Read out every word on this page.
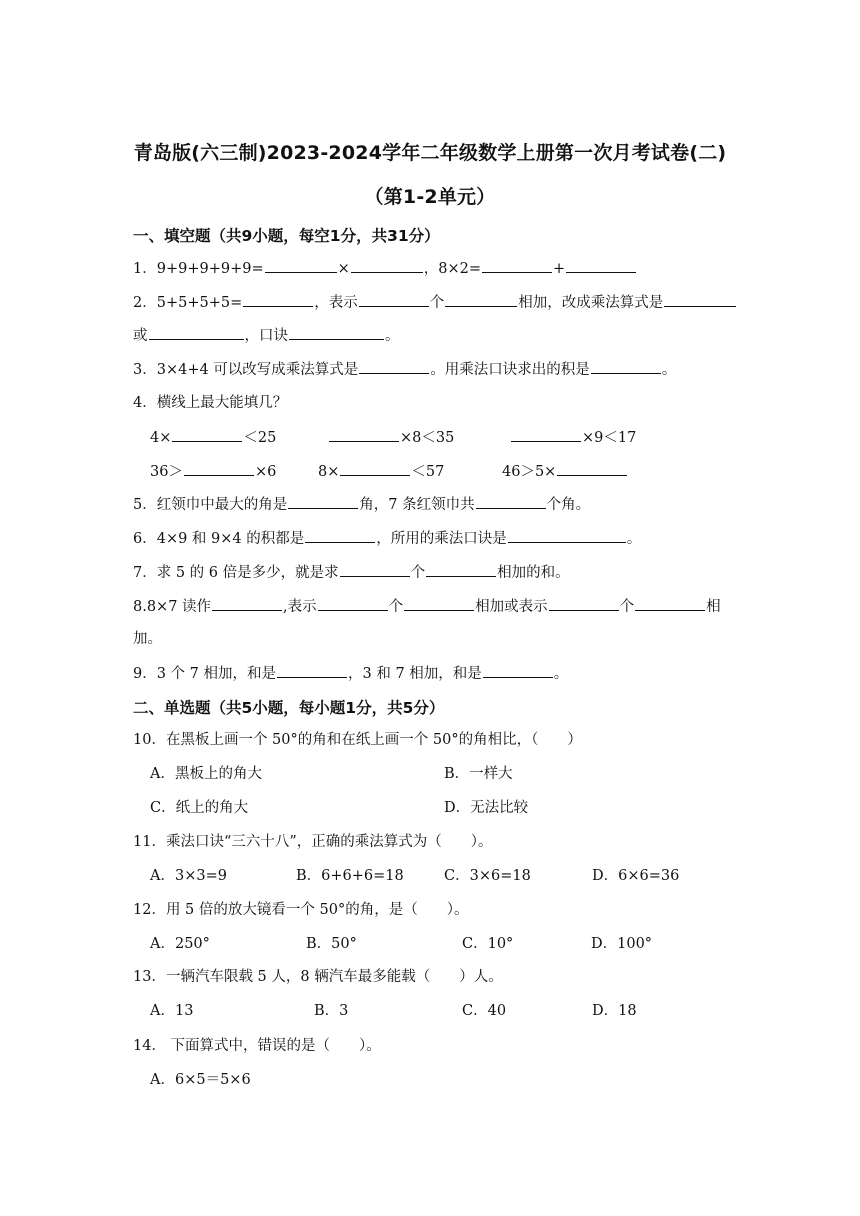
青岛版(六三制)2023-2024学年二年级数学上册第一次月考试卷(二)
（第1-2单元）
一、填空题（共9小题，每空1分，共31分）
1．9+9+9+9+9=	×	，8×2=	+
2．5+5+5+5=	，表示	个	相加，改成乘法算式是
或	，口诀	。
3．3×4+4 可以改写成乘法算式是	。用乘法口诀求出的积是	。
4．横线上最大能填几？
4×	＜25	×8＜35	×9＜17
36＞	×6	8×	＜57	46＞5×
5．红领巾中最大的角是	角，7 条红领巾共	个角。
6．4×9 和 9×4 的积都是	，所用的乘法口诀是	。
7．求 5 的 6 倍是多少，就是求	个	相加的和。
8.8×7 读作	,表示	个	相加或表示	个	相
加。
9．3 个 7 相加，和是	，3 和 7 相加，和是	。
二、单选题（共5小题，每小题1分，共5分）
10．在黑板上画一个 50°的角和在纸上画一个 50°的角相比，（　　）
A．黑板上的角大	B．一样大
C．纸上的角大	D．无法比较
11．乘法口诀“三六十八”，正确的乘法算式为（　　）。
A．3×3=9	B．6+6+6=18	C．3×6=18	D．6×6=36
12．用 5 倍的放大镜看一个 50°的角，是（　　）。
A．250°	B．50°	C．10°	D．100°
13．一辆汽车限载 5 人，8 辆汽车最多能载（　　）人。
A．13	B．3	C．40	D．18
14． 下面算式中，错误的是（　　）。
A．6×5＝5×6
